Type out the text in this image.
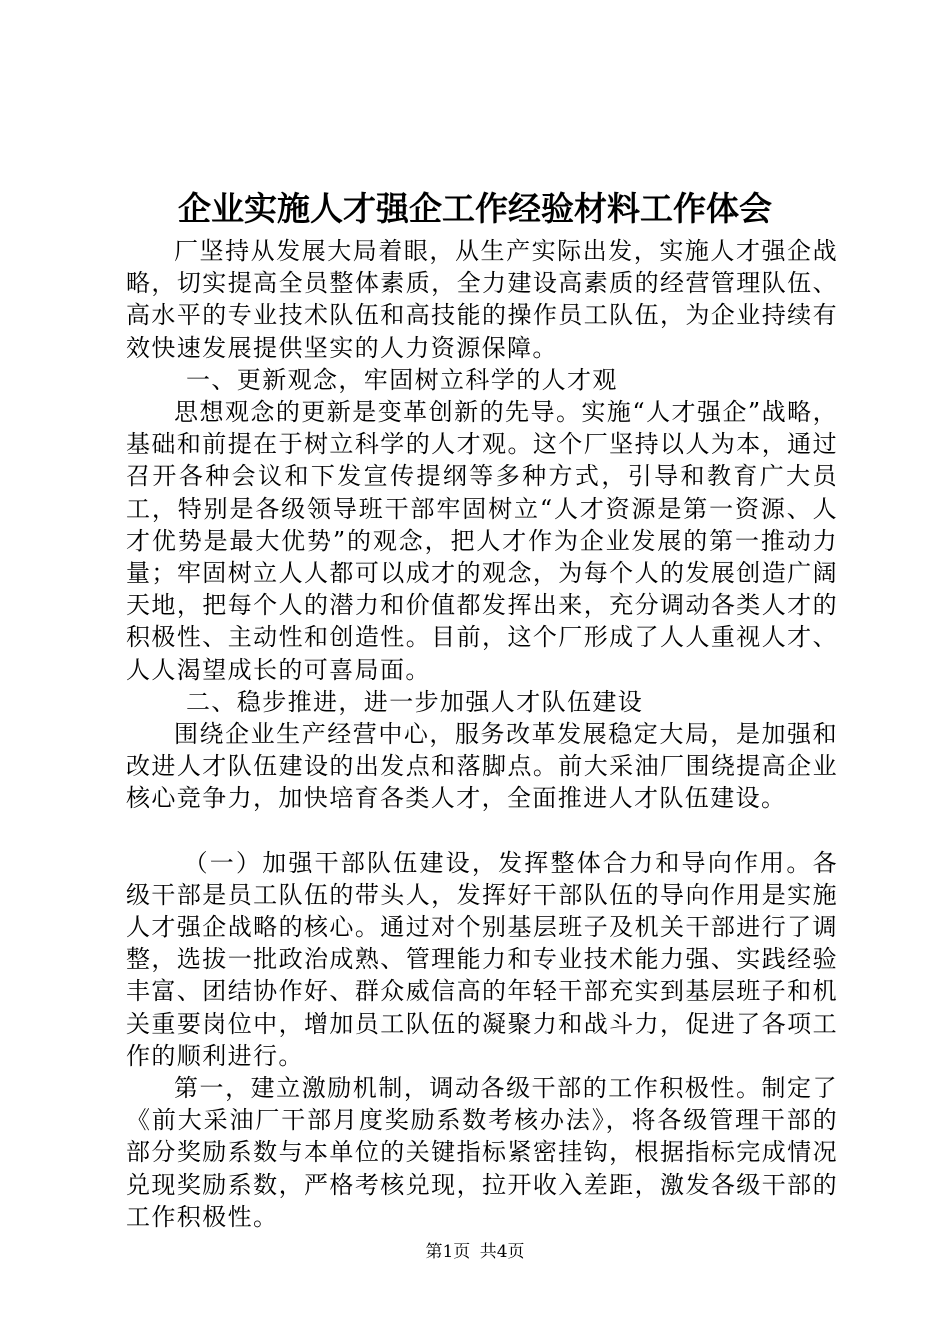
企业实施人才强企工作经验材料工作体会

厂坚持从发展大局着眼，从生产实际出发，实施人才强企战略，切实提高全员整体素质，全力建设高素质的经营管理队伍、高水平的专业技术队伍和高技能的操作员工队伍，为企业持续有效快速发展提供坚实的人力资源保障。

一、更新观念，牢固树立科学的人才观

思想观念的更新是变革创新的先导。实施“人才强企”战略，基础和前提在于树立科学的人才观。这个厂坚持以人为本，通过召开各种会议和下发宣传提纲等多种方式，引导和教育广大员工，特别是各级领导班干部牢固树立“人才资源是第一资源、人才优势是最大优势”的观念，把人才作为企业发展的第一推动力量；牢固树立人人都可以成才的观念，为每个人的发展创造广阔天地，把每个人的潜力和价值都发挥出来，充分调动各类人才的积极性、主动性和创造性。目前，这个厂形成了人人重视人才、人人渴望成长的可喜局面。

二、稳步推进，进一步加强人才队伍建设

围绕企业生产经营中心，服务改革发展稳定大局，是加强和改进人才队伍建设的出发点和落脚点。前大采油厂围绕提高企业核心竞争力，加快培育各类人才，全面推进人才队伍建设。

（一）加强干部队伍建设，发挥整体合力和导向作用。各级干部是员工队伍的带头人，发挥好干部队伍的导向作用是实施人才强企战略的核心。通过对个别基层班子及机关干部进行了调整，选拔一批政治成熟、管理能力和专业技术能力强、实践经验丰富、团结协作好、群众威信高的年轻干部充实到基层班子和机关重要岗位中，增加员工队伍的凝聚力和战斗力，促进了各项工作的顺利进行。

第一，建立激励机制，调动各级干部的工作积极性。制定了《前大采油厂干部月度奖励系数考核办法》，将各级管理干部的部分奖励系数与本单位的关键指标紧密挂钩，根据指标完成情况兑现奖励系数，严格考核兑现，拉开收入差距，激发各级干部的工作积极性。

第1页 共4页
